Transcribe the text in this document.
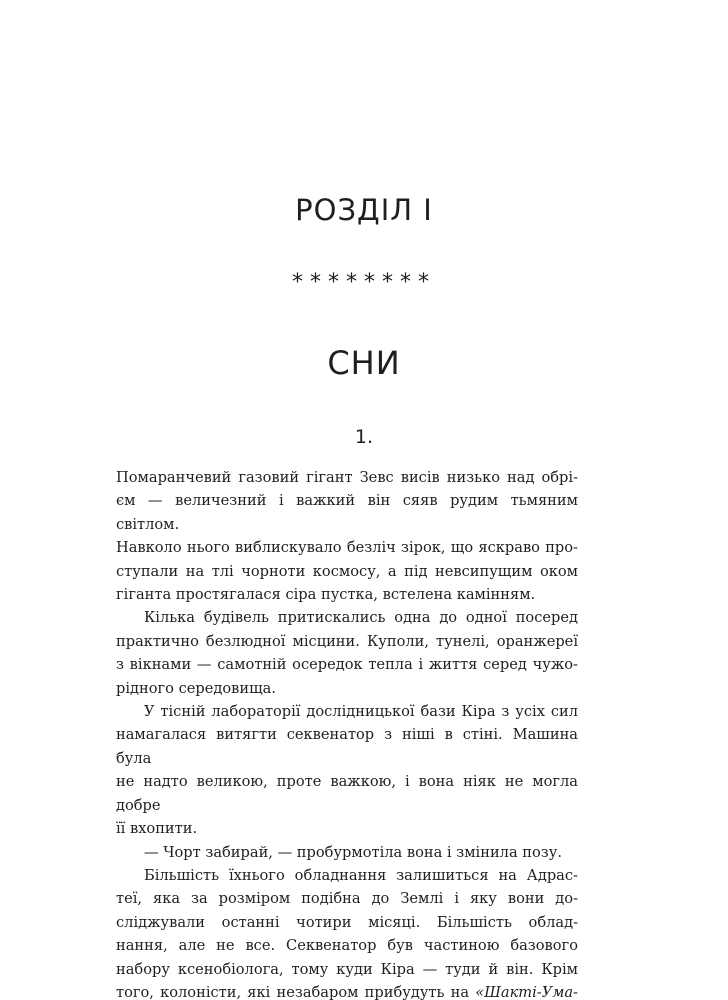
РОЗДІЛ І
********
СНИ
1.

Помаранчевий газовий гігант Зевс висів низько над обрі-
єм — величезний і важкий він сяяв рудим тьмяним світлом.
Навколо нього виблискувало безліч зірок, що яскраво про-
ступали на тлі чорноти космосу, а під невсипущим оком
гіганта простягалася сіра пустка, встелена камінням.

Кілька будівель притискались одна до одної посеред
практично безлюдної місцини. Куполи, тунелі, оранжереї
з вікнами — самотній осередок тепла і життя серед чужо-
рідного середовища.

У тісній лабораторії дослідницької бази Кіра з усіх сил
намагалася витягти секвенатор з ніші в стіні. Машина була
не надто великою, проте важкою, і вона ніяк не могла добре
її вхопити.

— Чорт забирай, — пробурмотіла вона і змінила позу.

Більшість їхнього обладнання залишиться на Адрас-
теї, яка за розміром подібна до Землі і яку вони до-
сліджували останні чотири місяці. Більшість облад-
нання, але не все. Секвенатор був частиною базового
набору ксенобіолога, тому куди Кіра — туди й він. Крім
того, колоністи, які незабаром прибудуть на «Шакті-Ума-
